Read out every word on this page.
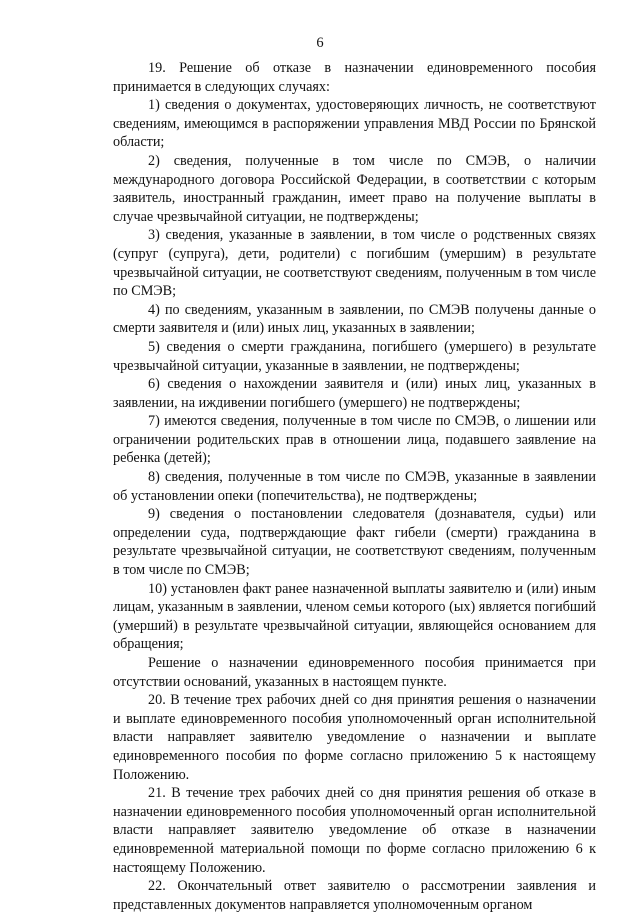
6

19. Решение об отказе в назначении единовременного пособия принимается в следующих случаях:

1) сведения о документах, удостоверяющих личность, не соответствуют сведениям, имеющимся в распоряжении управления МВД России по Брянской области;

2) сведения, полученные в том числе по СМЭВ, о наличии международного договора Российской Федерации, в соответствии с которым заявитель, иностранный гражданин, имеет право на получение выплаты в случае чрезвычайной ситуации, не подтверждены;

3) сведения, указанные в заявлении, в том числе о родственных связях (супруг (супруга), дети, родители) с погибшим (умершим) в результате чрезвычайной ситуации, не соответствуют сведениям, полученным в том числе по СМЭВ;

4) по сведениям, указанным в заявлении, по СМЭВ получены данные о смерти заявителя и (или) иных лиц, указанных в заявлении;

5) сведения о смерти гражданина, погибшего (умершего) в результате чрезвычайной ситуации, указанные в заявлении, не подтверждены;

6) сведения о нахождении заявителя и (или) иных лиц, указанных в заявлении, на иждивении погибшего (умершего) не подтверждены;

7) имеются сведения, полученные в том числе по СМЭВ, о лишении или ограничении родительских прав в отношении лица, подавшего заявление на ребенка (детей);

8) сведения, полученные в том числе по СМЭВ, указанные в заявлении об установлении опеки (попечительства), не подтверждены;

9) сведения о постановлении следователя (дознавателя, судьи) или определении суда, подтверждающие факт гибели (смерти) гражданина в результате чрезвычайной ситуации, не соответствуют сведениям, полученным в том числе по СМЭВ;

10) установлен факт ранее назначенной выплаты заявителю и (или) иным лицам, указанным в заявлении, членом семьи которого (ых) является погибший (умерший) в результате чрезвычайной ситуации, являющейся основанием для обращения;

Решение о назначении единовременного пособия принимается при отсутствии оснований, указанных в настоящем пункте.

20. В течение трех рабочих дней со дня принятия решения о назначении и выплате единовременного пособия уполномоченный орган исполнительной власти направляет заявителю уведомление о назначении и выплате единовременного пособия по форме согласно приложению 5 к настоящему Положению.

21. В течение трех рабочих дней со дня принятия решения об отказе в назначении единовременного пособия уполномоченный орган исполнительной власти направляет заявителю уведомление об отказе в назначении единовременной материальной помощи по форме согласно приложению 6 к настоящему Положению.

22. Окончательный ответ заявителю о рассмотрении заявления и представленных документов направляется уполномоченным органом
